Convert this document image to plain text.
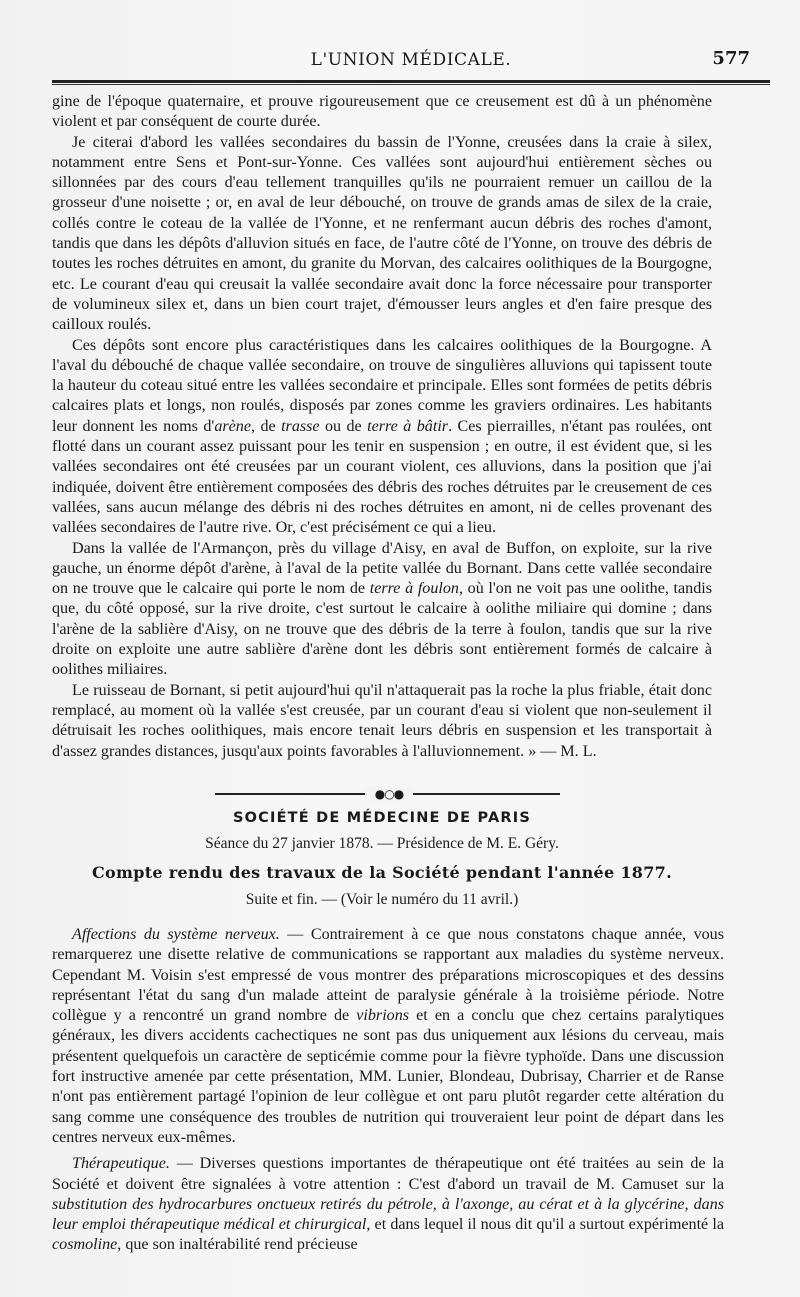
L'UNION MÉDICALE.	577

gine de l'époque quaternaire, et prouve rigoureusement que ce creusement est dû à un phénomène violent et par conséquent de courte durée.

Je citerai d'abord les vallées secondaires du bassin de l'Yonne, creusées dans la craie à silex, notamment entre Sens et Pont-sur-Yonne. Ces vallées sont aujourd'hui entièrement sèches ou sillonnées par des cours d'eau tellement tranquilles qu'ils ne pourraient remuer un caillou de la grosseur d'une noisette ; or, en aval de leur débouché, on trouve de grands amas de silex de la craie, collés contre le coteau de la vallée de l'Yonne, et ne renfermant aucun débris des roches d'amont, tandis que dans les dépôts d'alluvion situés en face, de l'autre côté de l'Yonne, on trouve des débris de toutes les roches détruites en amont, du granite du Morvan, des calcaires oolithiques de la Bourgogne, etc. Le courant d'eau qui creusait la vallée secondaire avait donc la force nécessaire pour transporter de volumineux silex et, dans un bien court trajet, d'émousser leurs angles et d'en faire presque des cailloux roulés.

Ces dépôts sont encore plus caractéristiques dans les calcaires oolithiques de la Bourgogne. A l'aval du débouché de chaque vallée secondaire, on trouve de singulières alluvions qui tapissent toute la hauteur du coteau situé entre les vallées secondaire et principale. Elles sont formées de petits débris calcaires plats et longs, non roulés, disposés par zones comme les graviers ordinaires. Les habitants leur donnent les noms d'arène, de trasse ou de terre à bâtir. Ces pierrailles, n'étant pas roulées, ont flotté dans un courant assez puissant pour les tenir en suspension ; en outre, il est évident que, si les vallées secondaires ont été creusées par un courant violent, ces alluvions, dans la position que j'ai indiquée, doivent être entièrement composées des débris des roches détruites par le creusement de ces vallées, sans aucun mélange des débris ni des roches détruites en amont, ni de celles provenant des vallées secondaires de l'autre rive. Or, c'est précisément ce qui a lieu.

Dans la vallée de l'Armançon, près du village d'Aisy, en aval de Buffon, on exploite, sur la rive gauche, un énorme dépôt d'arène, à l'aval de la petite vallée du Bornant. Dans cette vallée secondaire on ne trouve que le calcaire qui porte le nom de terre à foulon, où l'on ne voit pas une oolithe, tandis que, du côté opposé, sur la rive droite, c'est surtout le calcaire à oolithe miliaire qui domine ; dans l'arène de la sablière d'Aisy, on ne trouve que des débris de la terre à foulon, tandis que sur la rive droite on exploite une autre sablière d'arène dont les débris sont entièrement formés de calcaire à oolithes miliaires.

Le ruisseau de Bornant, si petit aujourd'hui qu'il n'attaquerait pas la roche la plus friable, était donc remplacé, au moment où la vallée s'est creusée, par un courant d'eau si violent que non-seulement il détruisait les roches oolithiques, mais encore tenait leurs débris en suspension et les transportait à d'assez grandes distances, jusqu'aux points favorables à l'alluvionnement. » — M. L.

●○●
SOCIÉTÉ DE MÉDECINE DE PARIS
Séance du 27 janvier 1878. — Présidence de M. E. Géry.
Compte rendu des travaux de la Société pendant l'année 1877.
Suite et fin. — (Voir le numéro du 11 avril.)

Affections du système nerveux. — Contrairement à ce que nous constatons chaque année, vous remarquerez une disette relative de communications se rapportant aux maladies du système nerveux. Cependant M. Voisin s'est empressé de vous montrer des préparations microscopiques et des dessins représentant l'état du sang d'un malade atteint de paralysie générale à la troisième période. Notre collègue y a rencontré un grand nombre de vibrions et en a conclu que chez certains paralytiques généraux, les divers accidents cachectiques ne sont pas dus uniquement aux lésions du cerveau, mais présentent quelquefois un caractère de septicémie comme pour la fièvre typhoïde. Dans une discussion fort instructive amenée par cette présentation, MM. Lunier, Blondeau, Dubrisay, Charrier et de Ranse n'ont pas entièrement partagé l'opinion de leur collègue et ont paru plutôt regarder cette altération du sang comme une conséquence des troubles de nutrition qui trouveraient leur point de départ dans les centres nerveux eux-mêmes.

Thérapeutique. — Diverses questions importantes de thérapeutique ont été traitées au sein de la Société et doivent être signalées à votre attention : C'est d'abord un travail de M. Camuset sur la substitution des hydrocarbures onctueux retirés du pétrole, à l'axonge, au cérat et à la glycérine, dans leur emploi thérapeutique médical et chirurgical, et dans lequel il nous dit qu'il a surtout expérimenté la cosmoline, que son inaltérabilité rend précieuse
